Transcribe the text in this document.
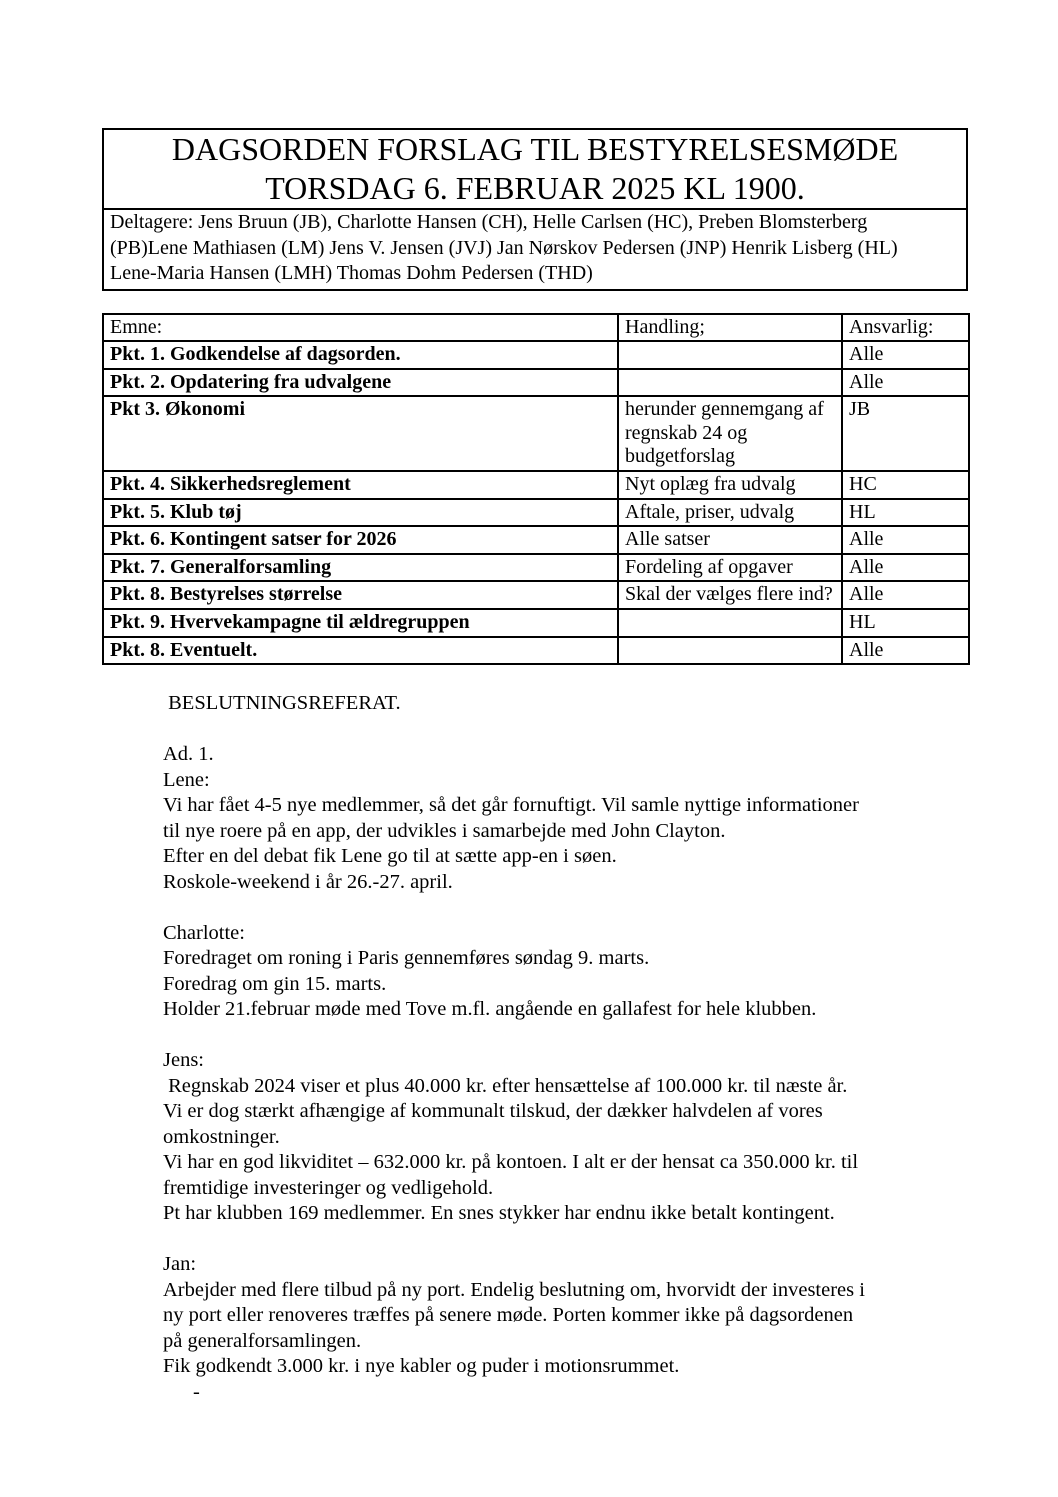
DAGSORDEN FORSLAG TIL BESTYRELSESMØDE
TORSDAG 6. FEBRUAR 2025 KL 1900.

Deltagere: Jens Bruun (JB), Charlotte Hansen (CH), Helle Carlsen (HC), Preben Blomsterberg
(PB)Lene Mathiasen (LM) Jens V. Jensen (JVJ) Jan Nørskov Pedersen (JNP) Henrik Lisberg (HL)
Lene-Maria Hansen (LMH) Thomas Dohm Pedersen (THD)
Emne:	Handling;	Ansvarlig:
Pkt. 1. Godkendelse af dagsorden.		Alle
Pkt. 2. Opdatering fra udvalgene		Alle
Pkt 3. Økonomi	herunder gennemgang af regnskab 24 og budgetforslag	JB
Pkt. 4. Sikkerhedsreglement	Nyt oplæg fra udvalg	HC
Pkt. 5. Klub tøj	Aftale, priser, udvalg	HL
Pkt. 6. Kontingent satser for 2026	Alle satser	Alle
Pkt. 7. Generalforsamling	Fordeling af opgaver	Alle
Pkt. 8. Bestyrelses størrelse	Skal der vælges flere ind?	Alle
Pkt. 9. Hvervekampagne til ældregruppen		HL
Pkt. 8. Eventuelt.		Alle
BESLUTNINGSREFERAT.
Ad. 1.
Lene:
Vi har fået 4-5 nye medlemmer, så det går fornuftigt. Vil samle nyttige informationer
til nye roere på en app, der udvikles i samarbejde med John Clayton.
Efter en del debat fik Lene go til at sætte app-en i søen.
Roskole-weekend i år 26.-27. april.
Charlotte:
Foredraget om roning i Paris gennemføres søndag 9. marts.
Foredrag om gin 15. marts.
Holder 21.februar møde med Tove m.fl. angående en gallafest for hele klubben.
Jens:
Regnskab 2024 viser et plus 40.000 kr. efter hensættelse af 100.000 kr. til næste år.
Vi er dog stærkt afhængige af kommunalt tilskud, der dækker halvdelen af vores
omkostninger.
Vi har en god likviditet – 632.000 kr. på kontoen. I alt er der hensat ca 350.000 kr. til
fremtidige investeringer og vedligehold.
Pt har klubben 169 medlemmer. En snes stykker har endnu ikke betalt kontingent.
Jan:
Arbejder med flere tilbud på ny port. Endelig beslutning om, hvorvidt der investeres i
ny port eller renoveres træffes på senere møde. Porten kommer ikke på dagsordenen
på generalforsamlingen.
Fik godkendt 3.000 kr. i nye kabler og puder i motionsrummet.
-
